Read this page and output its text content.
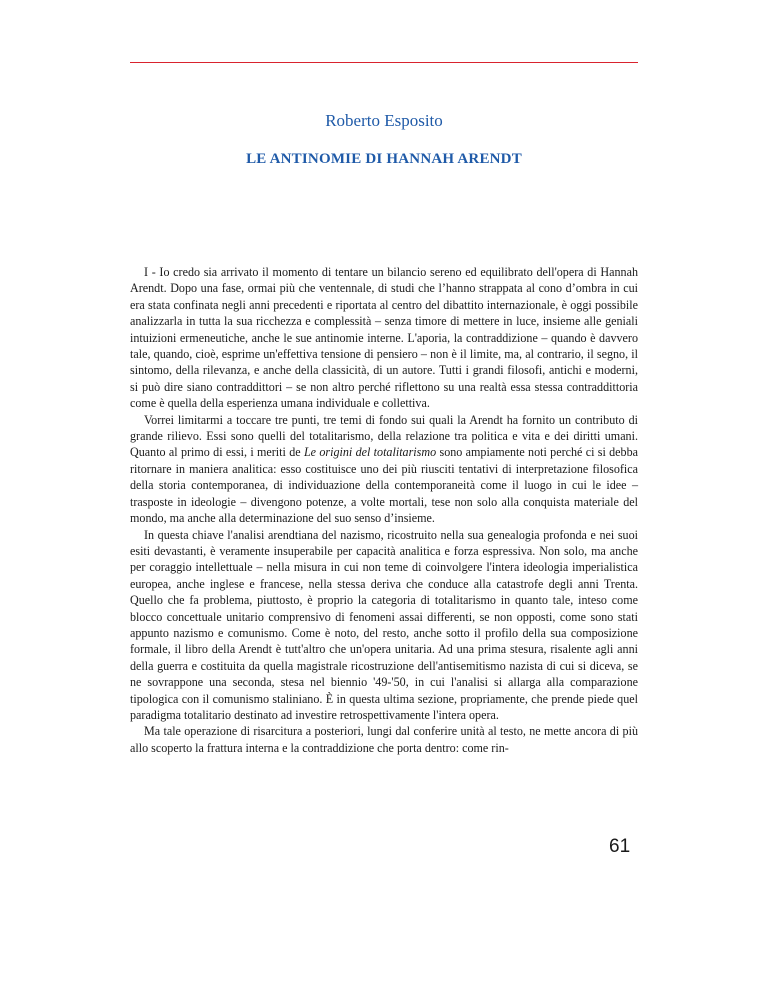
Roberto Esposito
LE ANTINOMIE DI HANNAH ARENDT

I - Io credo sia arrivato il momento di tentare un bilancio sereno ed equilibrato dell'opera di Hannah Arendt. Dopo una fase, ormai più che ventennale, di studi che l’hanno strappata al cono d’ombra in cui era stata confinata negli anni precedenti e riportata al centro del dibattito internazionale, è oggi possibile analizzarla in tutta la sua ricchezza e complessità – senza timore di mettere in luce, insieme alle geniali intuizioni ermeneutiche, anche le sue antinomie interne. L'aporia, la contraddizione – quando è davvero tale, quando, cioè, esprime un'effettiva tensione di pensiero – non è il limite, ma, al contrario, il segno, il sintomo, della rilevanza, e anche della classicità, di un autore. Tutti i grandi filosofi, antichi e moderni, si può dire siano contraddittori – se non altro perché riflettono su una realtà essa stessa contraddittoria come è quella della esperienza umana individuale e collettiva.

Vorrei limitarmi a toccare tre punti, tre temi di fondo sui quali la Arendt ha fornito un contributo di grande rilievo. Essi sono quelli del totalitarismo, della relazione tra politica e vita e dei diritti umani. Quanto al primo di essi, i meriti de Le origini del totalitarismo sono ampiamente noti perché ci si debba ritornare in maniera analitica: esso costituisce uno dei più riusciti tentativi di interpretazione filosofica della storia contemporanea, di individuazione della contemporaneità come il luogo in cui le idee – trasposte in ideologie – divengono potenze, a volte mortali, tese non solo alla conquista materiale del mondo, ma anche alla determinazione del suo senso d’insieme.

In questa chiave l'analisi arendtiana del nazismo, ricostruito nella sua genealogia profonda e nei suoi esiti devastanti, è veramente insuperabile per capacità analitica e forza espressiva. Non solo, ma anche per coraggio intellettuale – nella misura in cui non teme di coinvolgere l'intera ideologia imperialistica europea, anche inglese e francese, nella stessa deriva che conduce alla catastrofe degli anni Trenta. Quello che fa problema, piuttosto, è proprio la categoria di totalitarismo in quanto tale, inteso come blocco concettuale unitario comprensivo di fenomeni assai differenti, se non opposti, come sono stati appunto nazismo e comunismo. Come è noto, del resto, anche sotto il profilo della sua composizione formale, il libro della Arendt è tutt'altro che un'opera unitaria. Ad una prima stesura, risalente agli anni della guerra e costituita da quella magistrale ricostruzione dell'antisemitismo nazista di cui si diceva, se ne sovrappone una seconda, stesa nel biennio '49-'50, in cui l'analisi si allarga alla comparazione tipologica con il comunismo staliniano. È in questa ultima sezione, propriamente, che prende piede quel paradigma totalitario destinato ad investire retrospettivamente l'intera opera.

Ma tale operazione di risarcitura a posteriori, lungi dal conferire unità al testo, ne mette ancora di più allo scoperto la frattura interna e la contraddizione che porta dentro: come rin-

61
